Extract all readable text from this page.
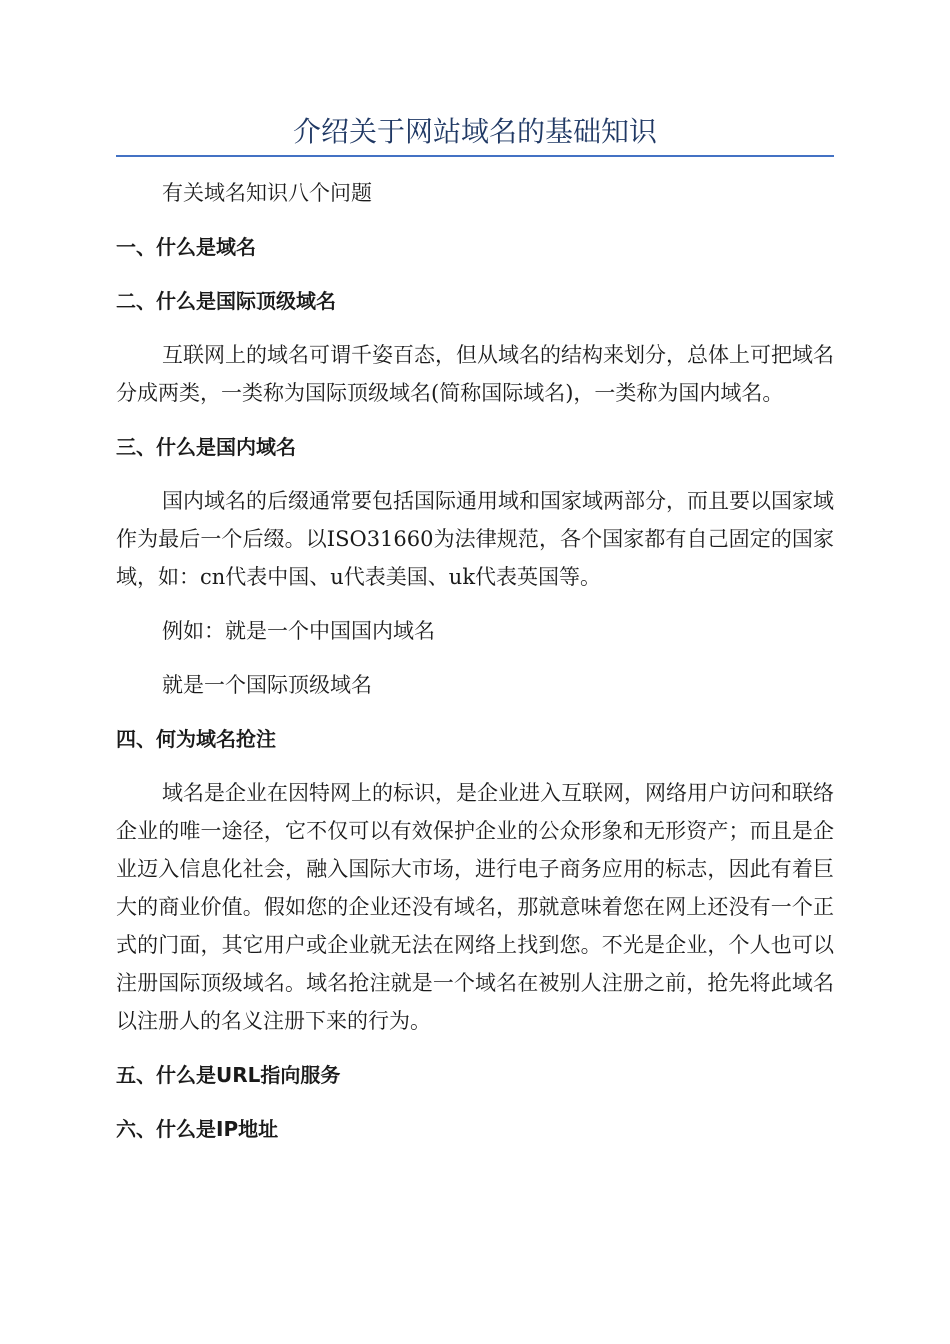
介绍关于网站域名的基础知识

有关域名知识八个问题

一、什么是域名

二、什么是国际顶级域名

互联网上的域名可谓千姿百态，但从域名的结构来划分，总体上可把域名分成两类，一类称为国际顶级域名(简称国际域名)，一类称为国内域名。

三、什么是国内域名

国内域名的后缀通常要包括国际通用域和国家域两部分，而且要以国家域作为最后一个后缀。以ISO31660为法律规范，各个国家都有自己固定的国家域，如：cn代表中国、u代表美国、uk代表英国等。

例如：就是一个中国国内域名

就是一个国际顶级域名

四、何为域名抢注

域名是企业在因特网上的标识，是企业进入互联网，网络用户访问和联络企业的唯一途径，它不仅可以有效保护企业的公众形象和无形资产；而且是企业迈入信息化社会，融入国际大市场，进行电子商务应用的标志，因此有着巨大的商业价值。假如您的企业还没有域名，那就意味着您在网上还没有一个正式的门面，其它用户或企业就无法在网络上找到您。不光是企业，个人也可以注册国际顶级域名。域名抢注就是一个域名在被别人注册之前，抢先将此域名以注册人的名义注册下来的行为。

五、什么是URL指向服务

六、什么是IP地址
